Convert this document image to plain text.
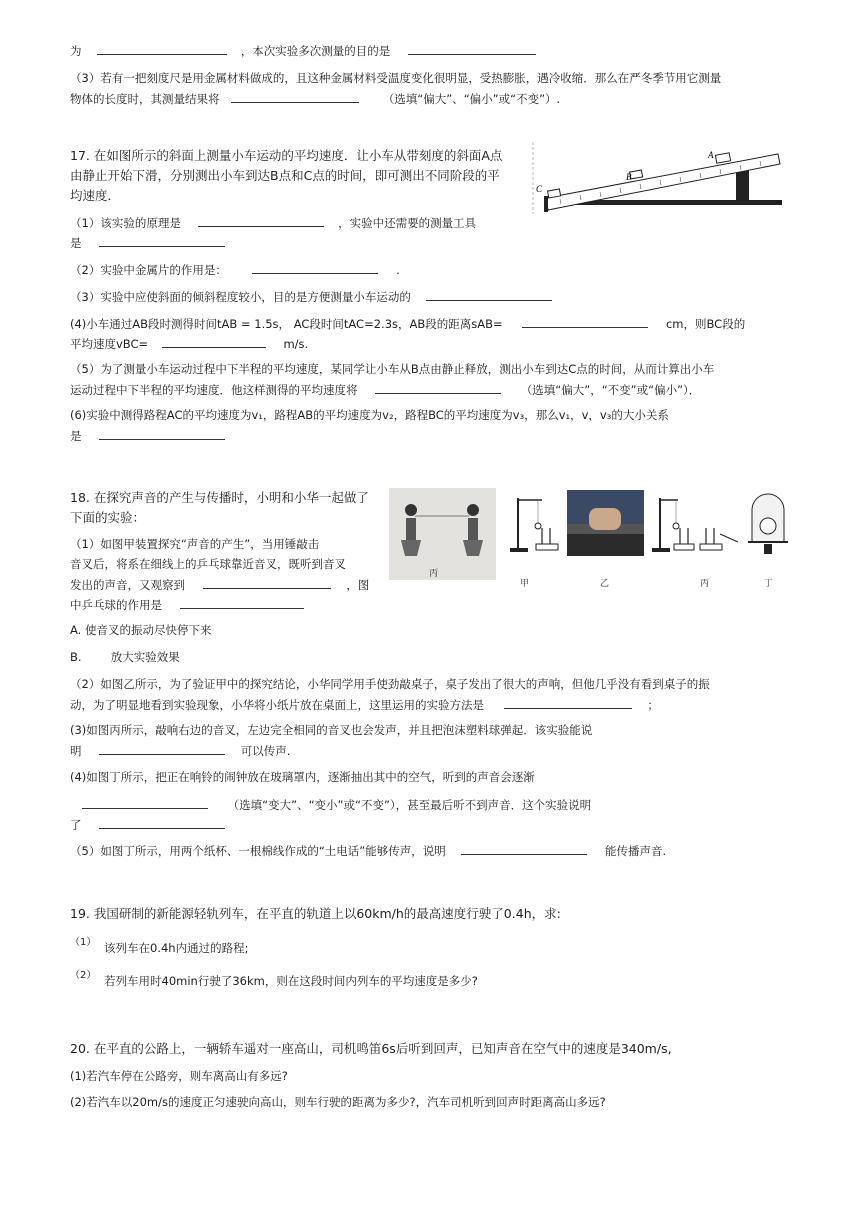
为	，本次实验多次测量的目的是
（3）若有一把刻度尺是用金属材料做成的，且这种金属材料受温度变化很明显，受热膨胀，遇冷收缩．那么在严冬季节用它测量
物体的长度时，其测量结果将	（选填“偏大”、“偏小”或“不变”）.
17. 在如图所示的斜面上测量小车运动的平均速度．让小车从带刻度的斜面A点
由静止开始下滑，分别测出小车到达B点和C点的时间，即可测出不同阶段的平
均速度．
A
B
C
（1）该实验的原理是	，实验中还需要的测量工具
是
（2）实验中金属片的作用是：	.
（3）实验中应使斜面的倾斜程度较小，目的是方便测量小车运动的
(4)小车通过AB段时测得时间tAB = 1.5s， AC段时间tAC=2.3s，AB段的距离sAB=	cm，则BC段的
平均速度vBC=	m/s.
（5）为了测量小车运动过程中下半程的平均速度，某同学让小车从B点由静止释放，测出小车到达C点的时间，从而计算出小车
运动过程中下半程的平均速度．他这样测得的平均速度将	（选填“偏大”，“不变”或“偏小”）．
(6)实验中测得路程AC的平均速度为v₁，路程AB的平均速度为v₂，路程BC的平均速度为v₃，那么v₁，v，v₃的大小关系
是
18. 在探究声音的产生与传播时，小明和小华一起做了
下面的实验：
丙
甲	乙	丙	丁
（1）如图甲装置探究“声音的产生”，当用锤敲击
音叉后，将系在细线上的乒乓球靠近音叉，既听到音叉
发出的声音，又观察到	，图
中乒乓球的作用是
A. 使音叉的振动尽快停下来
B.        放大实验效果
（2）如图乙所示，为了验证甲中的探究结论，小华同学用手使劲敲桌子，桌子发出了很大的声响，但他几乎没有看到桌子的振
动，为了明显地看到实验现象，小华将小纸片放在桌面上，这里运用的实验方法是	；
(3)如图丙所示，敲响右边的音叉，左边完全相同的音叉也会发声，并且把泡沫塑料球弹起．该实验能说
明	可以传声.
(4)如图丁所示，把正在响铃的闹钟放在玻璃罩内，逐渐抽出其中的空气，听到的声音会逐渐
（选填“变大”、“变小”或“不变”），甚至最后听不到声音．这个实验说明
了
（5）如图丁所示，用两个纸杯、一根棉线作成的“土电话”能够传声，说明	能传播声音.
19. 我国研制的新能源轻轨列车，在平直的轨道上以60km/h的最高速度行驶了0.4h，求:
（1） 该列车在0.4h内通过的路程;
（2） 若列车用时40min行驶了36km，则在这段时间内列车的平均速度是多少?
20. 在平直的公路上，一辆轿车遥对一座高山，司机鸣笛6s后听到回声，已知声音在空气中的速度是340m/s,
(1)若汽车停在公路旁，则车离高山有多远?
(2)若汽车以20m/s的速度正匀速驶向高山，则车行驶的距离为多少?，汽车司机听到回声时距离高山多远?
